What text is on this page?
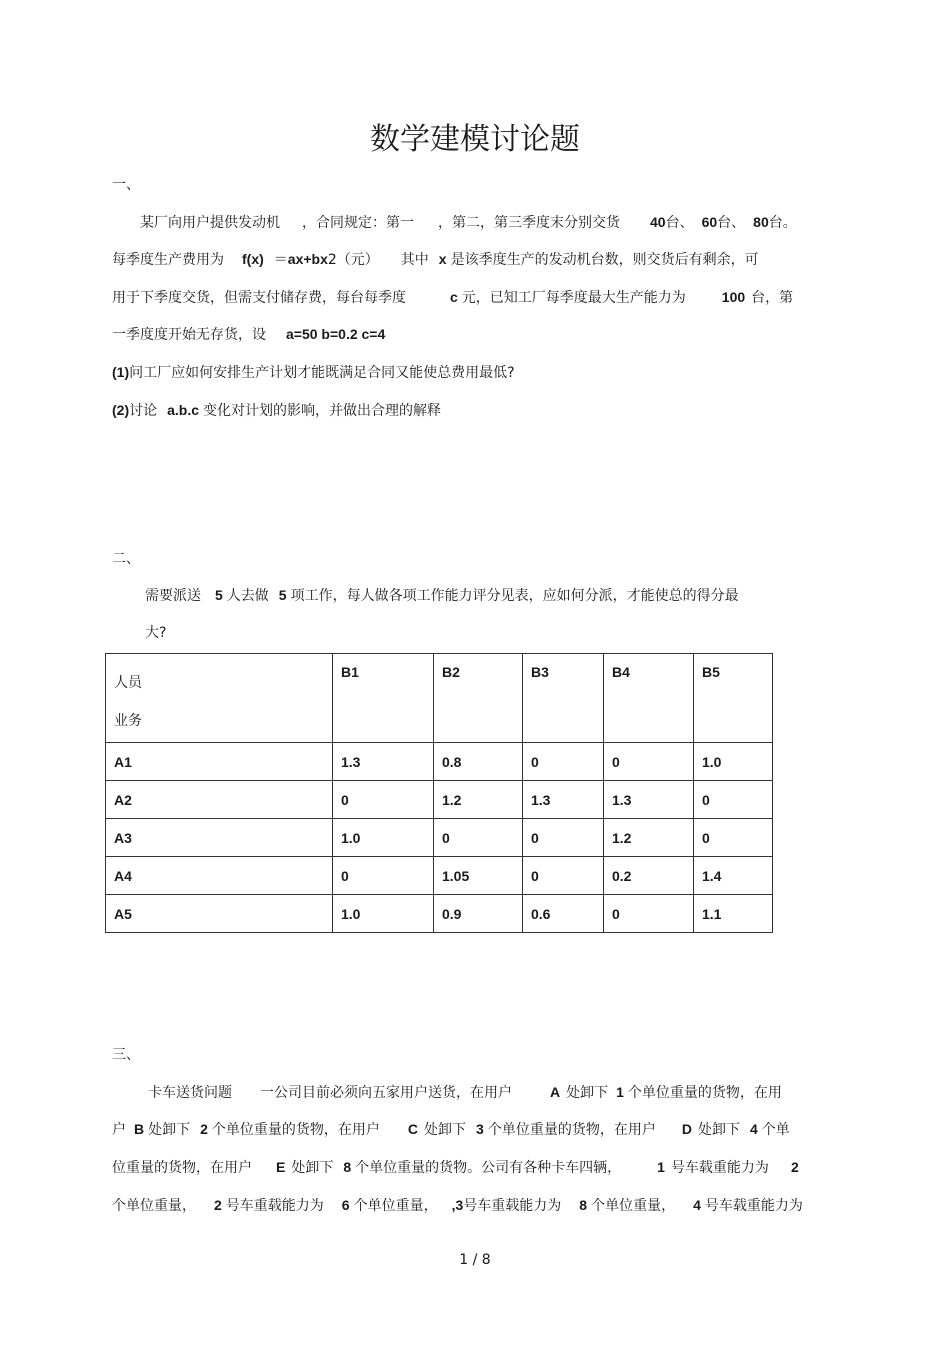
数学建模讨论题
一、
某厂向用户提供发动机 ，合同规定：第一 ，第二，第三季度末分别交货 40台、 60台、 80台。
每季度生产费用为 f(x) ＝ax+bx2（元） 其中 x 是该季度生产的发动机台数，则交货后有剩余，可
用于下季度交货，但需支付储存费，每台每季度	c 元，已知工厂每季度最大生产能力为	100 台，第
一季度度开始无存货，设 a=50 b=0.2 c=4
(1)问工厂应如何安排生产计划才能既满足合同又能使总费用最低?
(2)讨论 a.b.c 变化对计划的影响，并做出合理的解释
二、
需要派送 5 人去做 5 项工作，每人做各项工作能力评分见表，应如何分派，才能使总的得分最
大?
人员
业务	B1	B2	B3	B4	B5
A1	1.3	0.8	0	0	1.0
A2	0	1.2	1.3	1.3	0
A3	1.0	0	0	1.2	0
A4	0	1.05	0	0.2	1.4
A5	1.0	0.9	0.6	0	1.1
三、
卡车送货问题 一公司目前必须向五家用户送货，在用户	A 处卸下 1 个单位重量的货物，在用
户 B 处卸下 2 个单位重量的货物，在用户 C 处卸下 3 个单位重量的货物，在用户 D 处卸下 4 个单
位重量的货物，在用户 E 处卸下 8 个单位重量的货物。公司有各种卡车四辆，	1 号车载重能力为 2
个单位重量， 2 号车重载能力为 6 个单位重量， ,3号车重载能力为 8 个单位重量， 4 号车载重能力为
1 / 8
